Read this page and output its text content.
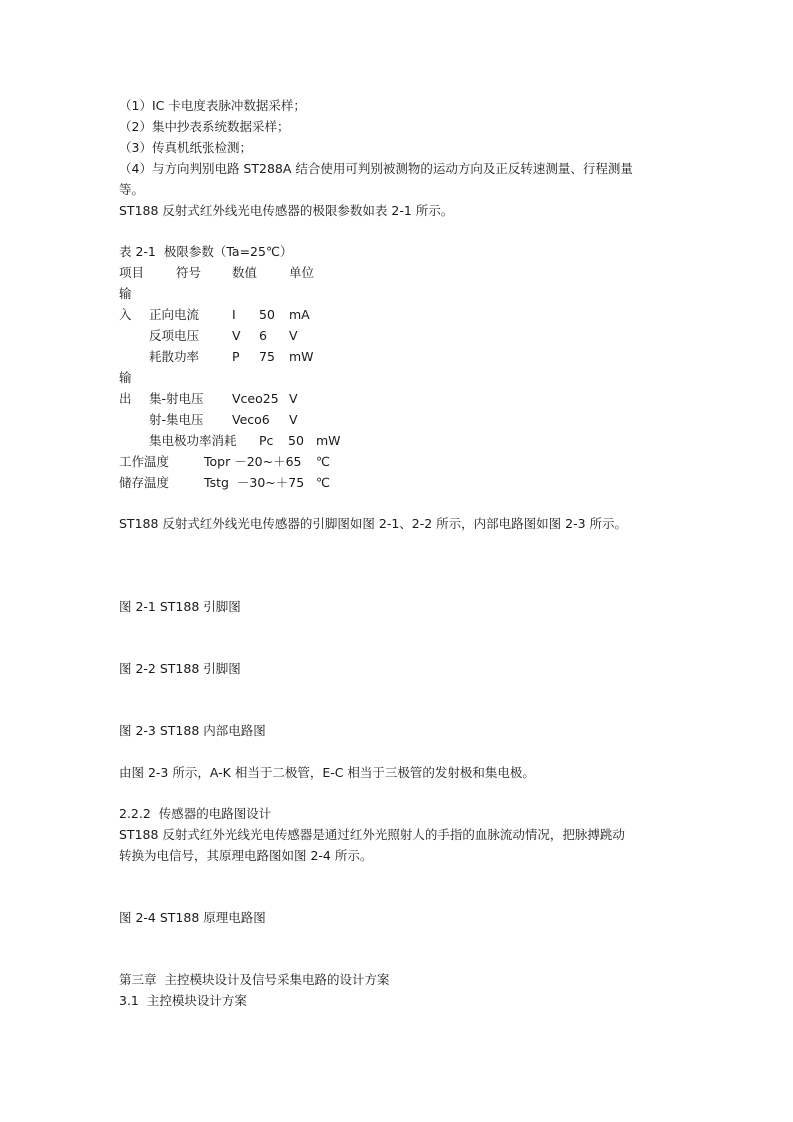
（1）IC 卡电度表脉冲数据采样；
（2）集中抄表系统数据采样；
（3）传真机纸张检测；
（4）与方向判别电路 ST288A 结合使用可判别被测物的运动方向及正反转速测量、行程测量
等。
ST188 反射式红外线光电传感器的极限参数如表 2-1 所示。
表 2-1  极限参数（Ta=25℃）
项目	符号 数值	单位
输
入 正向电流	I 50 mA
反项电压	V 6 V
耗散功率	P 75 mW
输
出 集-射电压 Vceo25 V
射-集电压 Veco6 V
集电极功率消耗 Pc 50 mW
工作温度	Topr －20~＋65 ℃
储存温度	Tstg  －30~＋75 ℃
ST188 反射式红外线光电传感器的引脚图如图 2-1、2-2 所示，内部电路图如图 2-3 所示。
图 2-1 ST188 引脚图
图 2-2 ST188 引脚图
图 2-3 ST188 内部电路图
由图 2-3 所示，A-K 相当于二极管，E-C 相当于三极管的发射极和集电极。
2.2.2  传感器的电路图设计
ST188 反射式红外光线光电传感器是通过红外光照射人的手指的血脉流动情况，把脉搏跳动
转换为电信号，其原理电路图如图 2-4 所示。
图 2-4 ST188 原理电路图
第三章  主控模块设计及信号采集电路的设计方案
3.1  主控模块设计方案
